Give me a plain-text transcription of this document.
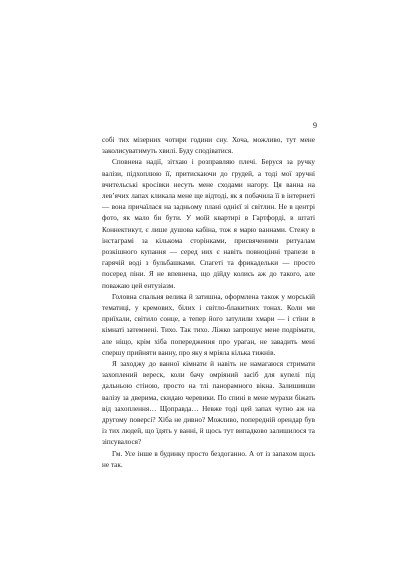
9

собі тих мізерних чотири години сну. Хоча, можливо, тут мене заколисуватимуть хвилі. Буду сподіватися.

Сповнена надії, зітхаю і розправляю плечі. Беруся за ручку валізи, підхоплюю її, притискаючи до грудей, а тоді мої зручні вчительські кросівки несуть мене сходами нагору. Ця ванна на левʼячих лапах кликала мене ще відтоді, як я побачила її в інтернеті — вона причаїлася на задньому плані однієї зі світлин. Не в центрі фото, як мало би бути. У моїй квартирі в Гартфорді, в штаті Коннектикут, є лише душова кабіна, тож я марю ваннами. Стежу в інстаграмі за кількома сторінками, присвяченими ритуалам розкішного купання — серед них є навіть повноцінні трапези в гарячій воді з бульбашками. Спагеті та фрикадельки — просто посеред піни. Я не впевнена, що дійду колись аж до такого, але поважаю цей ентузіазм.

Головна спальня велика й затишна, оформлена також у морській тематиці, у кремових, білих і світло-блакитних тонах. Коли ми приїхали, світило сонце, а тепер його затулили хмари — і стіни в кімнаті затемнені. Тихо. Так тихо. Ліжко запрошує мене подрімати, але ніщо, крім хіба попередження про ураган, не завадить мені спершу прийняти ванну, про яку я мріяла кілька тижнів.

Я заходжу до ванної кімнати й навіть не намагаюся стримати захоплений вереск, коли бачу омріяний засіб для купелі під дальньою стіною, просто на тлі панорамного вікна. Залишивши валізу за дверима, скидаю черевики. По спині в мене мурахи біжать від захоплення… Щоправда… Невже тоді цей запах чутно аж на другому поверсі? Хіба не дивно? Можливо, попередній орендар був із тих людей, що їдять у ванні, й щось тут випадково залишилося та зіпсувалося?

Гм. Усе інше в будинку просто бездоганно. А от із запахом щось не так.
